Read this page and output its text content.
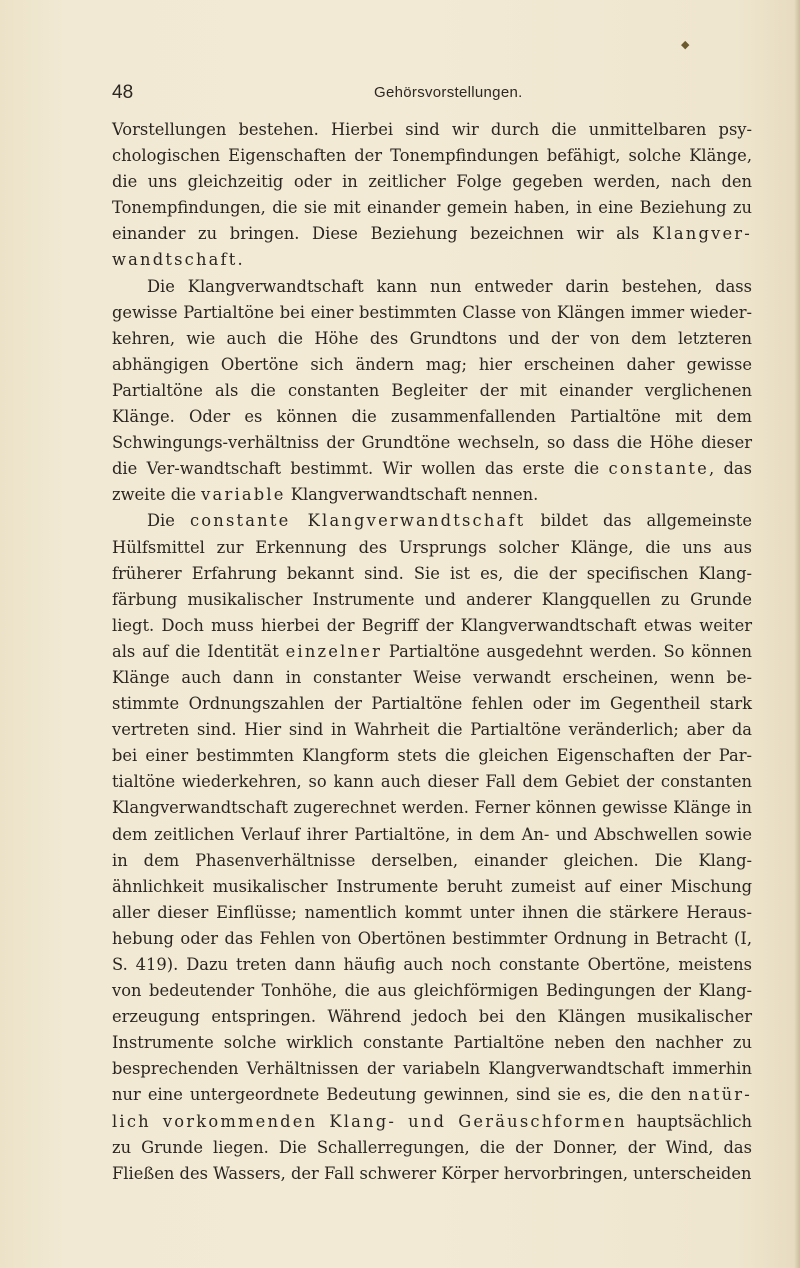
◆
48	Gehörsvorstellungen.

Vorstellungen bestehen. Hierbei sind wir durch die unmittelbaren psy-chologischen Eigenschaften der Tonempfindungen befähigt, solche Klänge, die uns gleichzeitig oder in zeitlicher Folge gegeben werden, nach den Tonempfindungen, die sie mit einander gemein haben, in eine Beziehung zu einander zu bringen. Diese Beziehung bezeichnen wir als Klangver-wandtschaft.

Die Klangverwandtschaft kann nun entweder darin bestehen, dass gewisse Partialtöne bei einer bestimmten Classe von Klängen immer wieder-kehren, wie auch die Höhe des Grundtons und der von dem letzteren abhängigen Obertöne sich ändern mag; hier erscheinen daher gewisse Partialtöne als die constanten Begleiter der mit einander verglichenen Klänge. Oder es können die zusammenfallenden Partialtöne mit dem Schwingungs-verhältniss der Grundtöne wechseln, so dass die Höhe dieser die Ver-wandtschaft bestimmt. Wir wollen das erste die constante, das zweite die variable Klangverwandtschaft nennen.

Die constante Klangverwandtschaft bildet das allgemeinste Hülfsmittel zur Erkennung des Ursprungs solcher Klänge, die uns aus früherer Erfahrung bekannt sind. Sie ist es, die der specifischen Klang-färbung musikalischer Instrumente und anderer Klangquellen zu Grunde liegt. Doch muss hierbei der Begriff der Klangverwandtschaft etwas weiter als auf die Identität einzelner Partialtöne ausgedehnt werden. So können Klänge auch dann in constanter Weise verwandt erscheinen, wenn be-stimmte Ordnungszahlen der Partialtöne fehlen oder im Gegentheil stark vertreten sind. Hier sind in Wahrheit die Partialtöne veränderlich; aber da bei einer bestimmten Klangform stets die gleichen Eigenschaften der Par-tialtöne wiederkehren, so kann auch dieser Fall dem Gebiet der constanten Klangverwandtschaft zugerechnet werden. Ferner können gewisse Klänge in dem zeitlichen Verlauf ihrer Partialtöne, in dem An- und Abschwellen sowie in dem Phasenverhältnisse derselben, einander gleichen. Die Klang-ähnlichkeit musikalischer Instrumente beruht zumeist auf einer Mischung aller dieser Einflüsse; namentlich kommt unter ihnen die stärkere Heraus-hebung oder das Fehlen von Obertönen bestimmter Ordnung in Betracht (I, S. 419). Dazu treten dann häufig auch noch constante Obertöne, meistens von bedeutender Tonhöhe, die aus gleichförmigen Bedingungen der Klang-erzeugung entspringen. Während jedoch bei den Klängen musikalischer Instrumente solche wirklich constante Partialtöne neben den nachher zu besprechenden Verhältnissen der variabeln Klangverwandtschaft immerhin nur eine untergeordnete Bedeutung gewinnen, sind sie es, die den natür-lich vorkommenden Klang- und Geräuschformen hauptsächlich zu Grunde liegen. Die Schallerregungen, die der Donner, der Wind, das Fließen des Wassers, der Fall schwerer Körper hervorbringen, unterscheiden
